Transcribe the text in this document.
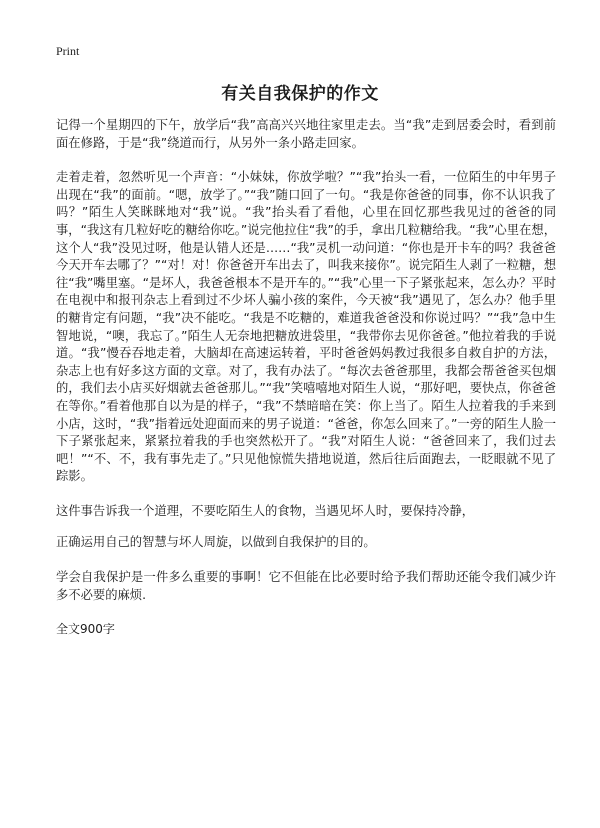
Print
有关自我保护的作文

记得一个星期四的下午，放学后“我”高高兴兴地往家里走去。当“我”走到居委会时，看到前面在修路，于是“我”绕道而行，从另外一条小路走回家。

走着走着，忽然听见一个声音：“小妹妹，你放学啦？”“我”抬头一看，一位陌生的中年男子出现在“我”的面前。“嗯，放学了。”“我”随口回了一句。“我是你爸爸的同事，你不认识我了吗？”陌生人笑眯眯地对“我”说。“我”抬头看了看他，心里在回忆那些我见过的爸爸的同事，“我这有几粒好吃的糖给你吃。”说完他拉住“我”的手，拿出几粒糖给我。“我”心里在想，这个人“我”没见过呀，他是认错人还是……“我”灵机一动问道：“你也是开卡车的吗？我爸爸今天开车去哪了？”“对！对！你爸爸开车出去了，叫我来接你”。说完陌生人剥了一粒糖，想往“我”嘴里塞。“是坏人，我爸爸根本不是开车的。”“我”心里一下子紧张起来，怎么办？平时在电视中和报刊杂志上看到过不少坏人骗小孩的案件，今天被“我”遇见了，怎么办？他手里的糖肯定有问题，“我”决不能吃。“我是不吃糖的，难道我爸爸没和你说过吗？”“我”急中生智地说，“噢，我忘了。”陌生人无奈地把糖放进袋里，“我带你去见你爸爸。”他拉着我的手说道。“我”慢吞吞地走着，大脑却在高速运转着，平时爸爸妈妈教过我很多自救自护的方法，杂志上也有好多这方面的文章。对了，我有办法了。“每次去爸爸那里，我都会帮爸爸买包烟的，我们去小店买好烟就去爸爸那儿。”“我”笑嘻嘻地对陌生人说，“那好吧，要快点，你爸爸在等你。”看着他那自以为是的样子，“我”不禁暗暗在笑：你上当了。陌生人拉着我的手来到小店，这时，“我”指着远处迎面而来的男子说道：“爸爸，你怎么回来了。”一旁的陌生人脸一下子紧张起来，紧紧拉着我的手也突然松开了。“我”对陌生人说：“爸爸回来了，我们过去吧！”“不、不，我有事先走了。”只见他惊慌失措地说道，然后往后面跑去，一眨眼就不见了踪影。

这件事告诉我一个道理，不要吃陌生人的食物，当遇见坏人时，要保持冷静，

正确运用自己的智慧与坏人周旋，以做到自我保护的目的。

学会自我保护是一件多么重要的事啊！它不但能在比必要时给予我们帮助还能令我们减少许多不必要的麻烦.

全文900字
